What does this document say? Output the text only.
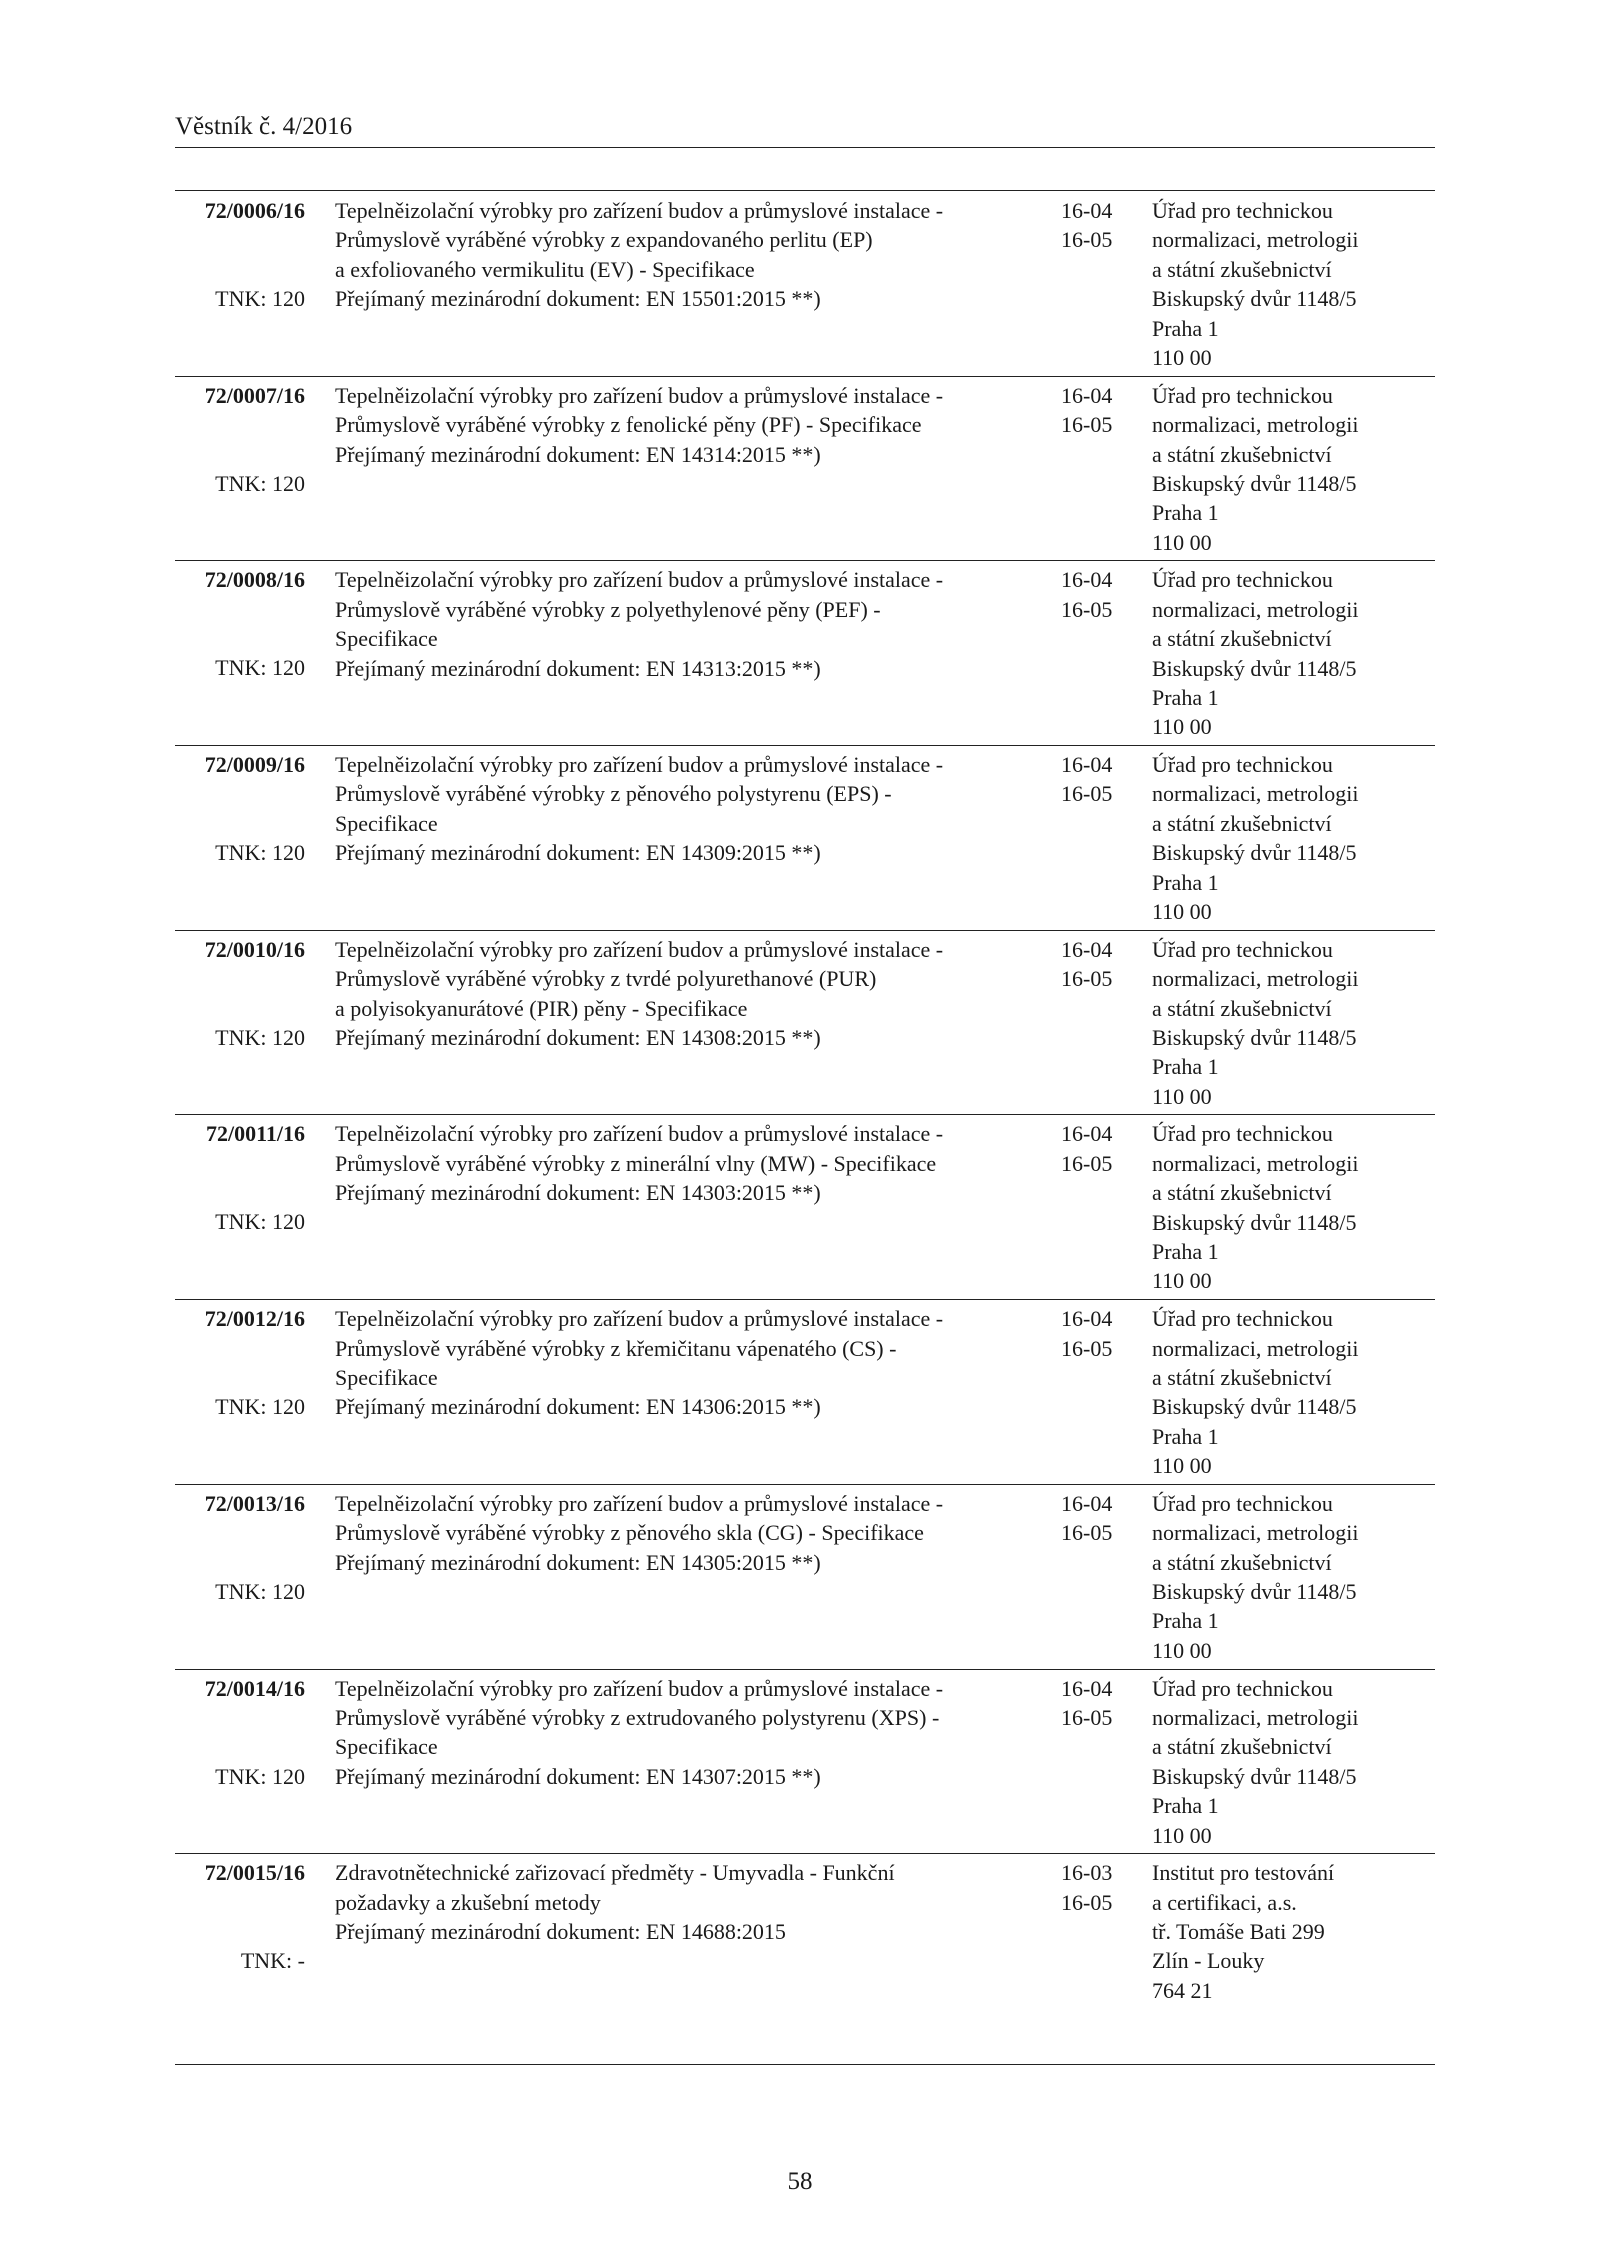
Věstník č. 4/2016
72/0006/16
TNK: 120
Tepelněizolační výrobky pro zařízení budov a průmyslové instalace -
Průmyslově vyráběné výrobky z expandovaného perlitu (EP)
a exfoliovaného vermikulitu (EV) - Specifikace
Přejímaný mezinárodní dokument: EN 15501:2015 **)
16-04
16-05
Úřad pro technickou
normalizaci, metrologii
a státní zkušebnictví
Biskupský dvůr 1148/5
Praha 1
110 00
72/0007/16
TNK: 120
Tepelněizolační výrobky pro zařízení budov a průmyslové instalace -
Průmyslově vyráběné výrobky z fenolické pěny (PF) - Specifikace
Přejímaný mezinárodní dokument: EN 14314:2015 **)
16-04
16-05
Úřad pro technickou
normalizaci, metrologii
a státní zkušebnictví
Biskupský dvůr 1148/5
Praha 1
110 00
72/0008/16
TNK: 120
Tepelněizolační výrobky pro zařízení budov a průmyslové instalace -
Průmyslově vyráběné výrobky z polyethylenové pěny (PEF) -
Specifikace
Přejímaný mezinárodní dokument: EN 14313:2015 **)
16-04
16-05
Úřad pro technickou
normalizaci, metrologii
a státní zkušebnictví
Biskupský dvůr 1148/5
Praha 1
110 00
72/0009/16
TNK: 120
Tepelněizolační výrobky pro zařízení budov a průmyslové instalace -
Průmyslově vyráběné výrobky z pěnového polystyrenu (EPS) -
Specifikace
Přejímaný mezinárodní dokument: EN 14309:2015 **)
16-04
16-05
Úřad pro technickou
normalizaci, metrologii
a státní zkušebnictví
Biskupský dvůr 1148/5
Praha 1
110 00
72/0010/16
TNK: 120
Tepelněizolační výrobky pro zařízení budov a průmyslové instalace -
Průmyslově vyráběné výrobky z tvrdé polyurethanové (PUR)
a polyisokyanurátové (PIR) pěny - Specifikace
Přejímaný mezinárodní dokument: EN 14308:2015 **)
16-04
16-05
Úřad pro technickou
normalizaci, metrologii
a státní zkušebnictví
Biskupský dvůr 1148/5
Praha 1
110 00
72/0011/16
TNK: 120
Tepelněizolační výrobky pro zařízení budov a průmyslové instalace -
Průmyslově vyráběné výrobky z minerální vlny (MW) - Specifikace
Přejímaný mezinárodní dokument: EN 14303:2015 **)
16-04
16-05
Úřad pro technickou
normalizaci, metrologii
a státní zkušebnictví
Biskupský dvůr 1148/5
Praha 1
110 00
72/0012/16
TNK: 120
Tepelněizolační výrobky pro zařízení budov a průmyslové instalace -
Průmyslově vyráběné výrobky z křemičitanu vápenatého (CS) -
Specifikace
Přejímaný mezinárodní dokument: EN 14306:2015 **)
16-04
16-05
Úřad pro technickou
normalizaci, metrologii
a státní zkušebnictví
Biskupský dvůr 1148/5
Praha 1
110 00
72/0013/16
TNK: 120
Tepelněizolační výrobky pro zařízení budov a průmyslové instalace -
Průmyslově vyráběné výrobky z pěnového skla (CG) - Specifikace
Přejímaný mezinárodní dokument: EN 14305:2015 **)
16-04
16-05
Úřad pro technickou
normalizaci, metrologii
a státní zkušebnictví
Biskupský dvůr 1148/5
Praha 1
110 00
72/0014/16
TNK: 120
Tepelněizolační výrobky pro zařízení budov a průmyslové instalace -
Průmyslově vyráběné výrobky z extrudovaného polystyrenu (XPS) -
Specifikace
Přejímaný mezinárodní dokument: EN 14307:2015 **)
16-04
16-05
Úřad pro technickou
normalizaci, metrologii
a státní zkušebnictví
Biskupský dvůr 1148/5
Praha 1
110 00
72/0015/16
TNK: -
Zdravotnětechnické zařizovací předměty - Umyvadla - Funkční
požadavky a zkušební metody
Přejímaný mezinárodní dokument: EN 14688:2015
16-03
16-05
Institut pro testování
a certifikaci, a.s.
tř. Tomáše Bati 299
Zlín - Louky
764 21
58
